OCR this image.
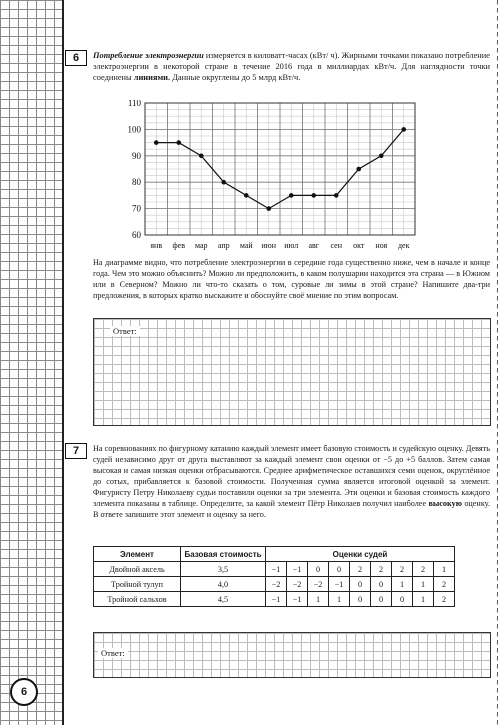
6	Потребление электроэнергии измеряется в киловатт-часах (кВт/ ч). Жирными точками показано потребление электроэнергии в некоторой стране в течение 2016 года в миллиардах кВт/ч. Для наглядности точки соединены линиями. Данные округлены до 5 млрд кВт/ч.
60
70
80
90
100
110
янв фев мар апр май июн июл авг сен окт ноя дек
На диаграмме видно, что потребление электроэнергии в середине года существенно ниже, чем в начале и конце года. Чем это можно объяснить? Можно ли предположить, в каком полушарии находится эта страна — в Южном или в Северном? Можно ли что-то сказать о том, суровые ли зимы в этой стране? Напишите два-три предложения, в которых кратко выскажите и обоснуйте своё мнение по этим вопросам.
Ответ:
7	На соревнованиях по фигурному катанию каждый элемент имеет базовую стоимость и судейскую оценку. Девять судей независимо друг от друга выставляют за каждый элемент свои оценки от −5 до +5 баллов. Затем самая высокая и самая низкая оценки отбрасываются. Среднее арифметическое оставшихся семи оценок, округлённое до сотых, прибавляется к базовой стоимости. Полученная сумма является итоговой оценкой за элемент. Фигуристу Петру Николаеву судьи поставили оценки за три элемента. Эти оценки и базовая стоимость каждого элемента показаны в таблице. Определите, за какой элемент Пётр Николаев получил наиболее высокую оценку. В ответе запишите этот элемент и оценку за него.
Элемент	Базовая стоимость	Оценки судей								
Двойной аксель	3,5	−1	−1	0	0	2	2	2	2	1
Тройной тулуп	4,0	−2	−2	−2	−1	0	0	1	1	2
Тройной сальхов	4,5	−1	−1	1	1	0	0	0	1	2
Ответ:
6
